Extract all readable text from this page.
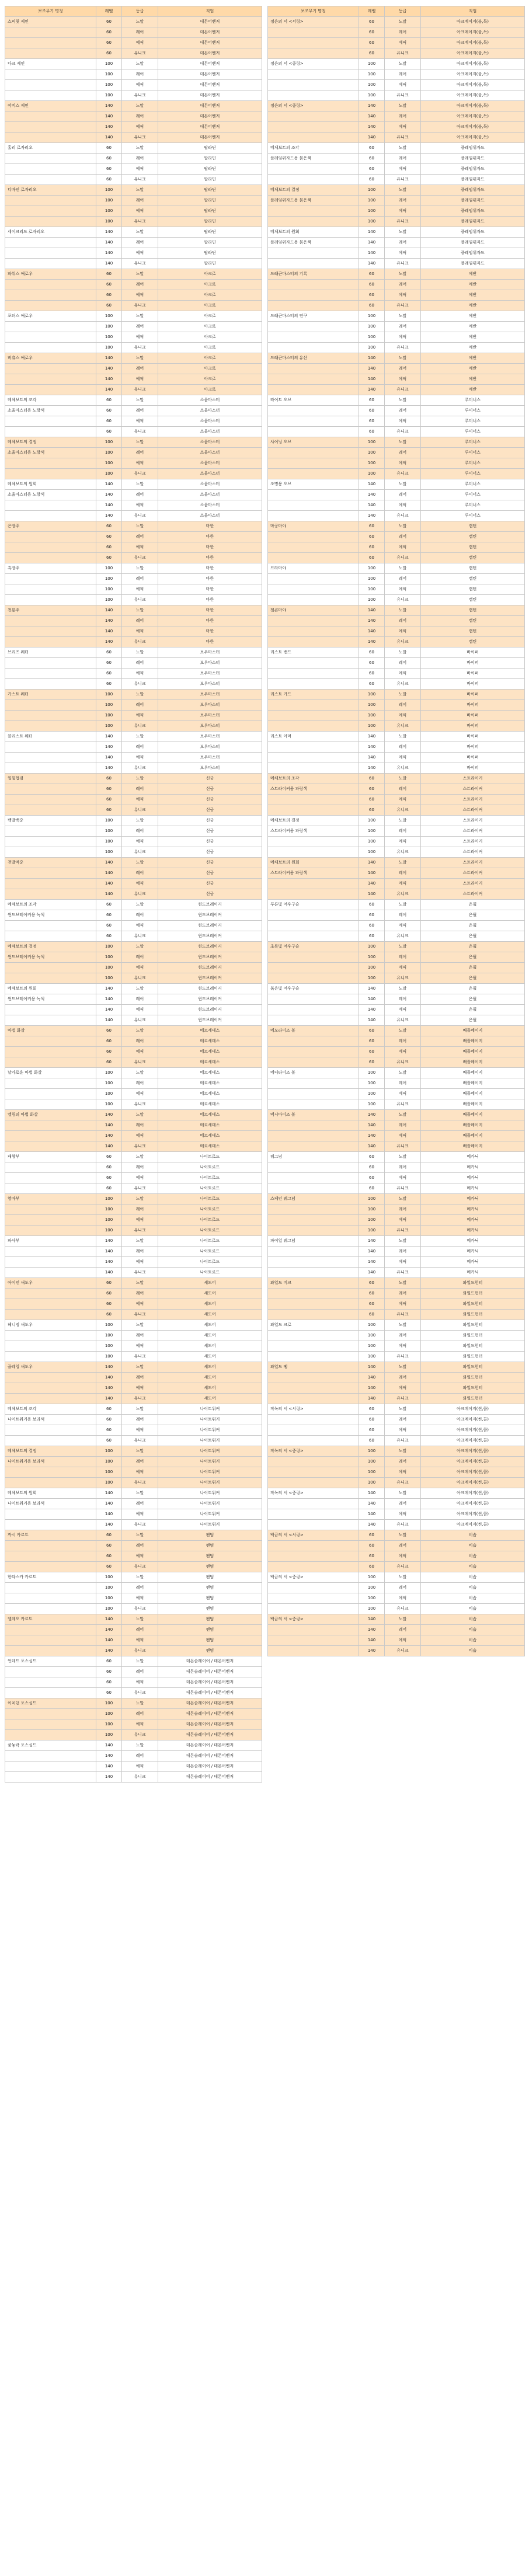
보조무기 명칭	레벨	등급	직업
스피릿 제인	60	노말	데몬어벤저
	60	레어	데몬어벤저
	60	에픽	데몬어벤저
	60	유니크	데몬어벤저
다크 제인	100	노말	데몬어벤저
	100	레어	데몬어벤저
	100	에픽	데몬어벤저
	100	유니크	데몬어벤저
어비스 제인	140	노말	데몬어벤저
	140	레어	데몬어벤저
	140	에픽	데몬어벤저
	140	유니크	데몬어벤저
홀리 로자리오	60	노말	팔라딘
	60	레어	팔라딘
	60	에픽	팔라딘
	60	유니크	팔라딘
디바인 로자리오	100	노말	팔라딘
	100	레어	팔라딘
	100	에픽	팔라딘
	100	유니크	팔라딘
세이크리드 로자리오	140	노말	팔라딘
	140	레어	팔라딘
	140	에픽	팔라딘
	140	유니크	팔라딘
파워스 애로우	60	노말	아크로
	60	레어	아크로
	60	에픽	아크로
	60	유니크	아크로
포더스 애로우	100	노말	아크로
	100	레어	아크로
	100	에픽	아크로
	100	유니크	아크로
버츄스 애로우	140	노말	아크로
	140	레어	아크로
	140	에픽	아크로
	140	유니크	아크로
메체보트의 조각	60	노말	소울마스터
소울마스터용 노랑색	60	레어	소울마스터
	60	에픽	소울마스터
	60	유니크	소울마스터
메체보트의 결정	100	노말	소울마스터
소울마스터용 노랑색	100	레어	소울마스터
	100	에픽	소울마스터
	100	유니크	소울마스터
메체보트의 원회	140	노말	소울마스터
소울마스터용 노랑색	140	레어	소울마스터
	140	에픽	소울마스터
	140	유니크	소울마스터
은장주	60	노말	마한
	60	레어	마한
	60	에픽	마한
	60	유니크	마한
흑장주	100	노말	마한
	100	레어	마한
	100	에픽	마한
	100	유니크	마한
천룡주	140	노말	마한
	140	레어	마한
	140	에픽	마한
	140	유니크	마한
브리즈 웨더	60	노말	보우마스터
	60	레어	보우마스터
	60	에픽	보우마스터
	60	유니크	보우마스터
가스트 웨더	100	노말	보우마스터
	100	레어	보우마스터
	100	에픽	보우마스터
	100	유니크	보우마스터
블리스트 웨더	140	노말	보우마스터
	140	레어	보우마스터
	140	에픽	보우마스터
	140	유니크	보우마스터
일월협검	60	노말	신궁
	60	레어	신궁
	60	에픽	신궁
	60	유니크	신궁
백발백중	100	노말	신궁
	100	레어	신궁
	100	에픽	신궁
	100	유니크	신궁
천발적중	140	노말	신궁
	140	레어	신궁
	140	에픽	신궁
	140	유니크	신궁
메체보트의 조각	60	노말	윈드브레이커
윈드브레이커용 녹색	60	레어	윈드브레이커
	60	에픽	윈드브레이커
	60	유니크	윈드브레이커
메체보트의 결정	100	노말	윈드브레이커
윈드브레이커용 녹색	100	레어	윈드브레이커
	100	에픽	윈드브레이커
	100	유니크	윈드브레이커
메체보트의 원회	140	노말	윈드브레이커
윈드브레이커용 녹색	140	레어	윈드브레이커
	140	에픽	윈드브레이커
	140	유니크	윈드브레이커
마법 화살	60	노말	메르세데스
	60	레어	메르세데스
	60	에픽	메르세데스
	60	유니크	메르세데스
날카로운 마법 화살	100	노말	메르세데스
	100	레어	메르세데스
	100	에픽	메르세데스
	100	유니크	메르세데스
엘림의 마법 화살	140	노말	메르세데스
	140	레어	메르세데스
	140	에픽	메르세데스
	140	유니크	메르세데스
패왕부	60	노말	나이트로드
	60	레어	나이트로드
	60	에픽	나이트로드
	60	유니크	나이트로드
영마부	100	노말	나이트로드
	100	레어	나이트로드
	100	에픽	나이트로드
	100	유니크	나이트로드
파사부	140	노말	나이트로드
	140	레어	나이트로드
	140	에픽	나이트로드
	140	유니크	나이트로드
아이언 새도우	60	노말	섀도어
	60	레어	섀도어
	60	에픽	섀도어
	60	유니크	섀도어
헤니징 새도우	100	노말	섀도어
	100	레어	섀도어
	100	에픽	섀도어
	100	유니크	섀도어
골레잉 새도우	140	노말	섀도어
	140	레어	섀도어
	140	에픽	섀도어
	140	유니크	섀도어
메체보트의 조각	60	노말	나이트워커
나이트워커용 보라색	60	레어	나이트워커
	60	에픽	나이트워커
	60	유니크	나이트워커
메체보트의 결정	100	노말	나이트워커
나이트워커용 보라색	100	레어	나이트워커
	100	에픽	나이트워커
	100	유니크	나이트워커
메체보트의 원회	140	노말	나이트워커
나이트워커용 보라색	140	레어	나이트워커
	140	에픽	나이트워커
	140	유니크	나이트워커
까시 카르트	60	노말	팬텀
	60	레어	팬텀
	60	에픽	팬텀
	60	유니크	팬텀
한타스카 카르트	100	노말	팬텀
	100	레어	팬텀
	100	에픽	팬텀
	100	유니크	팬텀
엘레오 카르트	140	노말	팬텀
	140	레어	팬텀
	140	에픽	팬텀
	140	유니크	팬텀
언데드 포스실드	60	노말	데몬슬레이어 / 데몬어벤저
	60	레어	데몬슬레이어 / 데몬어벤저
	60	에픽	데몬슬레이어 / 데몬어벤저
	60	유니크	데몬슬레이어 / 데몬어벤저
이치던 포스실드	100	노말	데몬슬레이어 / 데몬어벤저
	100	레어	데몬슬레이어 / 데몬어벤저
	100	에픽	데몬슬레이어 / 데몬어벤저
	100	유니크	데몬슬레이어 / 데몬어벤저
쿰놓락 포스실드	140	노말	데몬슬레이어 / 데몬어벤저
	140	레어	데몬슬레이어 / 데몬어벤저
	140	에픽	데몬슬레이어 / 데몬어벤저
	140	유니크	데몬슬레이어 / 데몬어벤저
보조무기 명칭	레벨	등급	직업
정은의 서 <서링>	60	노말	아크메이지(불,독)
	60	레어	아크메이지(불,독)
	60	에픽	아크메이지(불,독)
	60	유니크	아크메이지(불,독)
정은의 서 <중링>	100	노말	아크메이지(불,독)
	100	레어	아크메이지(불,독)
	100	에픽	아크메이지(불,독)
	100	유니크	아크메이지(불,독)
정은의 서 <중링>	140	노말	아크메이지(불,독)
	140	레어	아크메이지(불,독)
	140	에픽	아크메이지(불,독)
	140	유니크	아크메이지(불,독)
메체보트의 조각	60	노말	플레임위자드
플레임위자드용 붉은색	60	레어	플레임위자드
	60	에픽	플레임위자드
	60	유니크	플레임위자드
메체보트의 결정	100	노말	플레임위자드
플레임위자드용 붉은색	100	레어	플레임위자드
	100	에픽	플레임위자드
	100	유니크	플레임위자드
메체보트의 원회	140	노말	플레임위자드
플레임위자드용 붉은색	140	레어	플레임위자드
	140	에픽	플레임위자드
	140	유니크	플레임위자드
드래곤마스터의 기록	60	노말	에반
	60	레어	에반
	60	에픽	에반
	60	유니크	에반
드래곤마스터의 연구	100	노말	에반
	100	레어	에반
	100	에픽	에반
	100	유니크	에반
드래곤마스터의 유산	140	노말	에반
	140	레어	에반
	140	에픽	에반
	140	유니크	에반
라이트 오브	60	노말	루미너스
	60	레어	루미너스
	60	에픽	루미너스
	60	유니크	루미너스
샤이닝 오브	100	노말	루미너스
	100	레어	루미너스
	100	에픽	루미너스
	100	유니크	루미너스
조명용 오브	140	노말	루미너스
	140	레어	루미너스
	140	에픽	루미너스
	140	유니크	루미너스
마공마야	60	노말	캡틴
	60	레어	캡틴
	60	에픽	캡틴
	60	유니크	캡틴
프라마야	100	노말	캡틴
	100	레어	캡틴
	100	에픽	캡틴
	100	유니크	캡틴
젤콘마야	140	노말	캡틴
	140	레어	캡틴
	140	에픽	캡틴
	140	유니크	캡틴
리스트 밴드	60	노말	바이퍼
	60	레어	바이퍼
	60	에픽	바이퍼
	60	유니크	바이퍼
리스트 가드	100	노말	바이퍼
	100	레어	바이퍼
	100	에픽	바이퍼
	100	유니크	바이퍼
리스트 아머	140	노말	바이퍼
	140	레어	바이퍼
	140	에픽	바이퍼
	140	유니크	바이퍼
메체보트의 조각	60	노말	스트라이커
스트라이커용 파랑색	60	레어	스트라이커
	60	에픽	스트라이커
	60	유니크	스트라이커
메체보트의 결정	100	노말	스트라이커
스트라이커용 파랑색	100	레어	스트라이커
	100	에픽	스트라이커
	100	유니크	스트라이커
메체보트의 원회	140	노말	스트라이커
스트라이커용 파랑색	140	레어	스트라이커
	140	에픽	스트라이커
	140	유니크	스트라이커
푸른빛 여우구슬	60	노말	은월
	60	레어	은월
	60	에픽	은월
	60	유니크	은월
초록빛 여우구슬	100	노말	은월
	100	레어	은월
	100	에픽	은월
	100	유니크	은월
붉은빛 여우구슬	140	노말	은월
	140	레어	은월
	140	에픽	은월
	140	유니크	은월
메모라이즈 볼	60	노말	배틀메이지
	60	레어	배틀메이지
	60	에픽	배틀메이지
	60	유니크	배틀메이지
메디타이즈 볼	100	노말	배틀메이지
	100	레어	배틀메이지
	100	에픽	배틀메이지
	100	유니크	배틀메이지
맥시마이즈 볼	140	노말	배틀메이지
	140	레어	배틀메이지
	140	에픽	배틀메이지
	140	유니크	배틀메이지
웨그넘	60	노말	메카닉
	60	레어	메카닉
	60	에픽	메카닉
	60	유니크	메카닉
스페인 웨그넘	100	노말	메카닉
	100	레어	메카닉
	100	에픽	메카닉
	100	유니크	메카닉
파이얼 웨그넘	140	노말	메카닉
	140	레어	메카닉
	140	에픽	메카닉
	140	유니크	메카닉
와일드 비크	60	노말	와일드헌터
	60	레어	와일드헌터
	60	에픽	와일드헌터
	60	유니크	와일드헌터
와일드 크로	100	노말	와일드헌터
	100	레어	와일드헌터
	100	에픽	와일드헌터
	100	유니크	와일드헌터
와일드 팽	140	노말	와일드헌터
	140	레어	와일드헌터
	140	에픽	와일드헌터
	140	유니크	와일드헌터
작녹의 서 <서링>	60	노말	아크메이지(썬,콜)
	60	레어	아크메이지(썬,콜)
	60	에픽	아크메이지(썬,콜)
	60	유니크	아크메이지(썬,콜)
작녹의 서 <중링>	100	노말	아크메이지(썬,콜)
	100	레어	아크메이지(썬,콜)
	100	에픽	아크메이지(썬,콜)
	100	유니크	아크메이지(썬,콜)
작녹의 서 <중링>	140	노말	아크메이지(썬,콜)
	140	레어	아크메이지(썬,콜)
	140	에픽	아크메이지(썬,콜)
	140	유니크	아크메이지(썬,콜)
백금의 서 <서링>	60	노말	비숍
	60	레어	비숍
	60	에픽	비숍
	60	유니크	비숍
백금의 서 <중링>	100	노말	비숍
	100	레어	비숍
	100	에픽	비숍
	100	유니크	비숍
백금의 서 <중링>	140	노말	비숍
	140	레어	비숍
	140	에픽	비숍
	140	유니크	비숍
